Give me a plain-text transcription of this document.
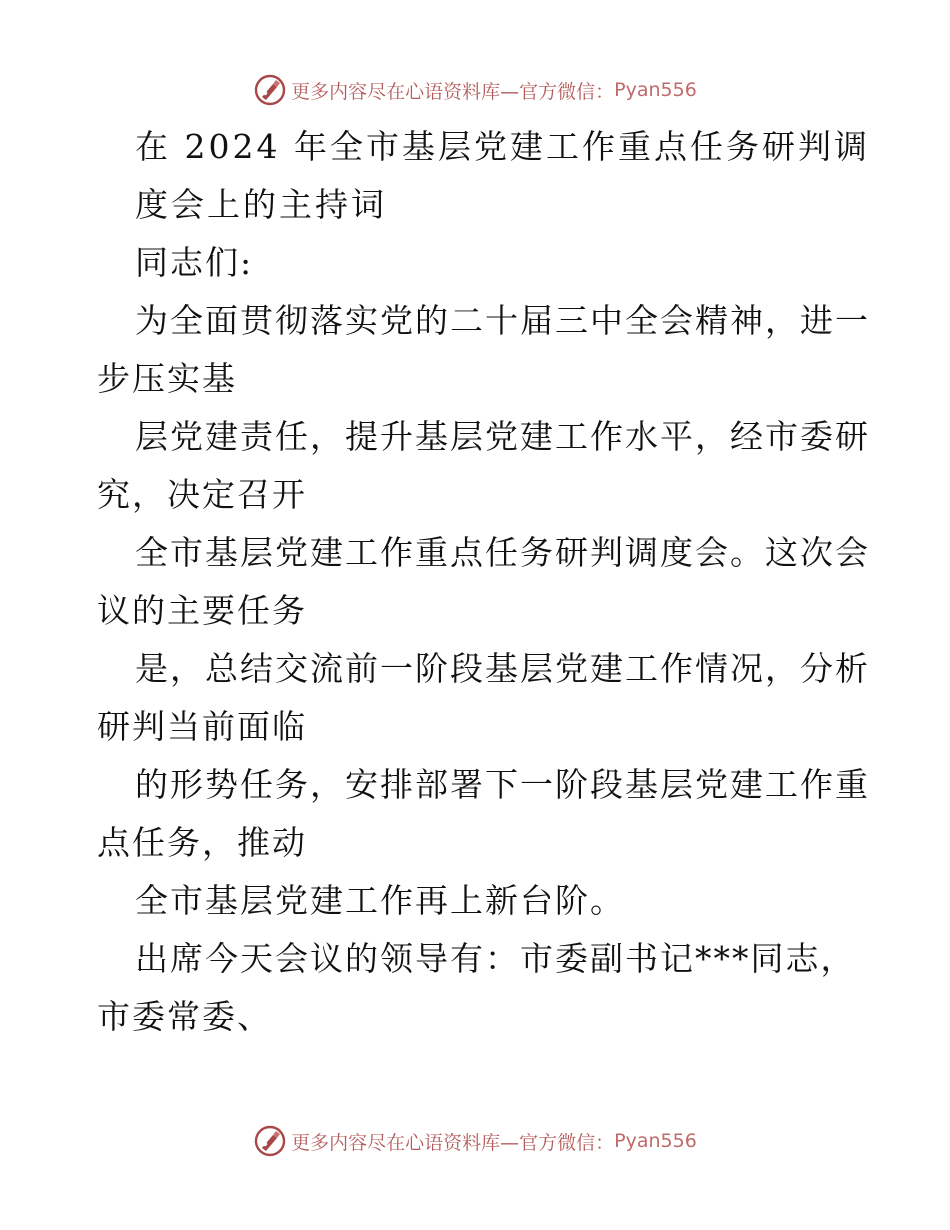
更多内容尽在心语资料库—官方微信： Pyan556

在 2024 年全市基层党建工作重点任务研判调

度会上的主持词

同志们:

为全面贯彻落实党的二十届三中全会精神，进一步压实基

层党建责任，提升基层党建工作水平，经市委研究，决定召开

全市基层党建工作重点任务研判调度会。这次会议的主要任务

是，总结交流前一阶段基层党建工作情况，分析研判当前面临

的形势任务，安排部署下一阶段基层党建工作重点任务，推动

全市基层党建工作再上新台阶。

出席今天会议的领导有：市委副书记***同志，市委常委、

更多内容尽在心语资料库—官方微信： Pyan556
